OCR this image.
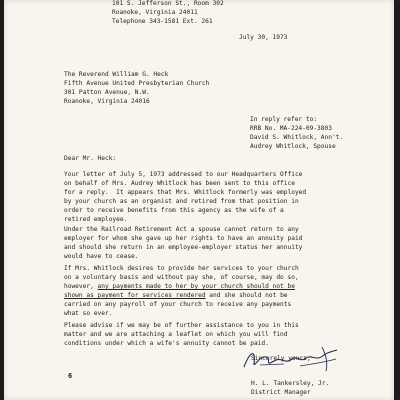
101 S. Jefferson St., Room 302
Roanoke, Virginia 24011
Telephone 343-1581 Ext. 261
July 30, 1973
The Reverend William G. Heck
Fifth Avenue United Presbyterian Church
301 Patton Avenue, N.W.
Roanoke, Virginia 24016
In reply refer to:
RRB No. MA-224-09-3803
David S. Whitlock, Ann't.
Audrey Whitlock, Spouse
Dear Mr. Heck:
Your letter of July 5, 1973 addressed to our Headquarters Office
on behalf of Mrs. Audrey Whitlock has been sent to this office
for a reply.  It appears that Mrs. Whitlock formerly was employed
by your church as an organist and retired from that position in
order to receive benefits from this agency as the wife of a
retired employee.
Under the Railroad Retirement Act a spouse cannot return to any
employer for whom she gave up her rights to have an annuity paid
and should she return in an employee-employer status her annuity
would have to cease.
If Mrs. Whitlock desires to provide her services to your church
on a voluntary basis and without pay she, of course, may do so,
however, any payments made to her by your church should not be
shown as payment for services rendered and she should not be
carried on any payroll of your church to receive any payments
what so ever.
Please advise if we may be of further assistance to you in this
matter and we are attaching a leaflet on which you will find
conditions under which a wife's annuity cannot be paid.
Sincerely yours,
H. L. Tankersley, Jr.
District Manager
6
